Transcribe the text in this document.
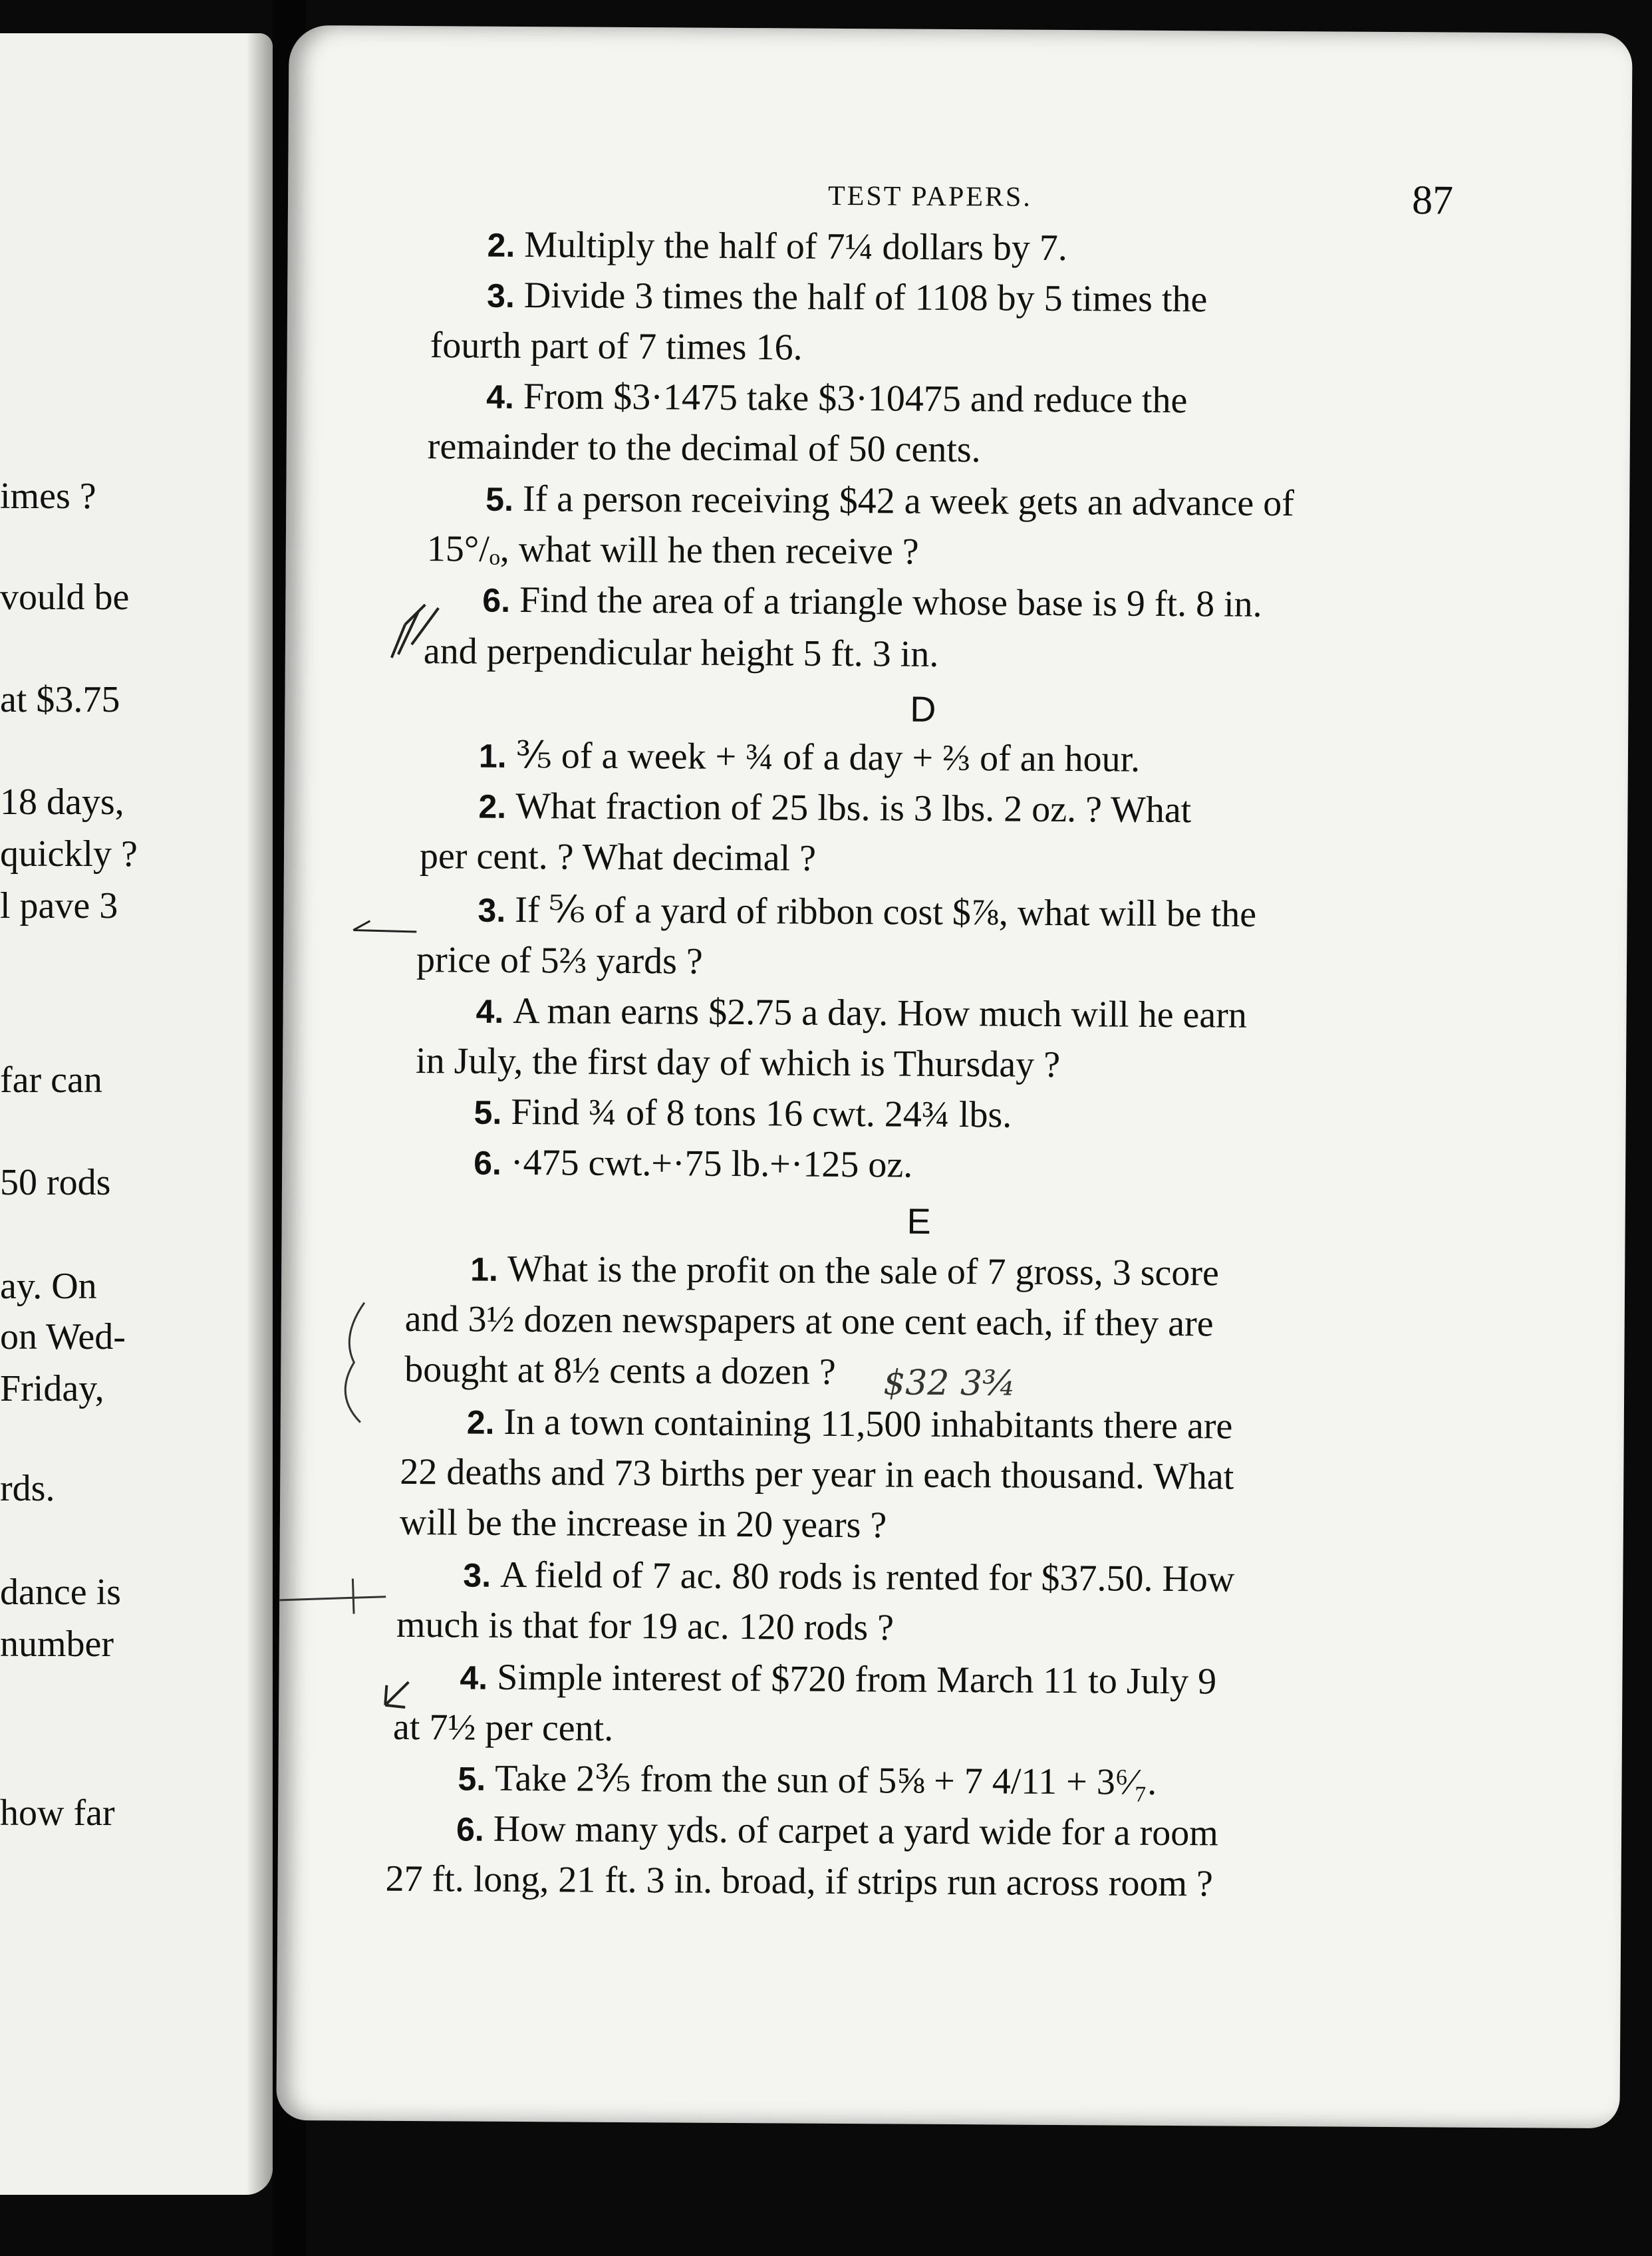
imes ?
vould be
at $3.75
18 days,
quickly ?
l pave 3
far can
50 rods
ay. On
on Wed-
Friday,
rds.
dance is
number
how far
TEST PAPERS.	87
2. Multiply the half of 7¼ dollars by 7.
3. Divide 3 times the half of 1108 by 5 times the
fourth part of 7 times 16.
4. From $3·1475 take $3·10475 and reduce the
remainder to the decimal of 50 cents.
5. If a person receiving $42 a week gets an advance of
15°/ₒ, what will he then receive ?
6. Find the area of a triangle whose base is 9 ft. 8 in.
and perpendicular height 5 ft. 3 in.
D
1. ⅗ of a week + ¾ of a day + ⅔ of an hour.
2. What fraction of 25 lbs. is 3 lbs. 2 oz. ? What
per cent. ? What decimal ?
3. If ⅚ of a yard of ribbon cost $⅞, what will be the
price of 5⅔ yards ?
4. A man earns $2.75 a day. How much will he earn
in July, the first day of which is Thursday ?
5. Find ¾ of 8 tons 16 cwt. 24¾ lbs.
6. ·475 cwt.+·75 lb.+·125 oz.
E
1. What is the profit on the sale of 7 gross, 3 score
and 3½ dozen newspapers at one cent each, if they are
bought at 8½ cents a dozen ?
2. In a town containing 11,500 inhabitants there are
22 deaths and 73 births per year in each thousand. What
will be the increase in 20 years ?
3. A field of 7 ac. 80 rods is rented for $37.50. How
much is that for 19 ac. 120 rods ?
4. Simple interest of $720 from March 11 to July 9
at 7½ per cent.
5. Take 2⅗ from the sun of 5⅝ + 7 4/11 + 3⁶⁄₇.
6. How many yds. of carpet a yard wide for a room
27 ft. long, 21 ft. 3 in. broad, if strips run across room ?
$32 3¾
